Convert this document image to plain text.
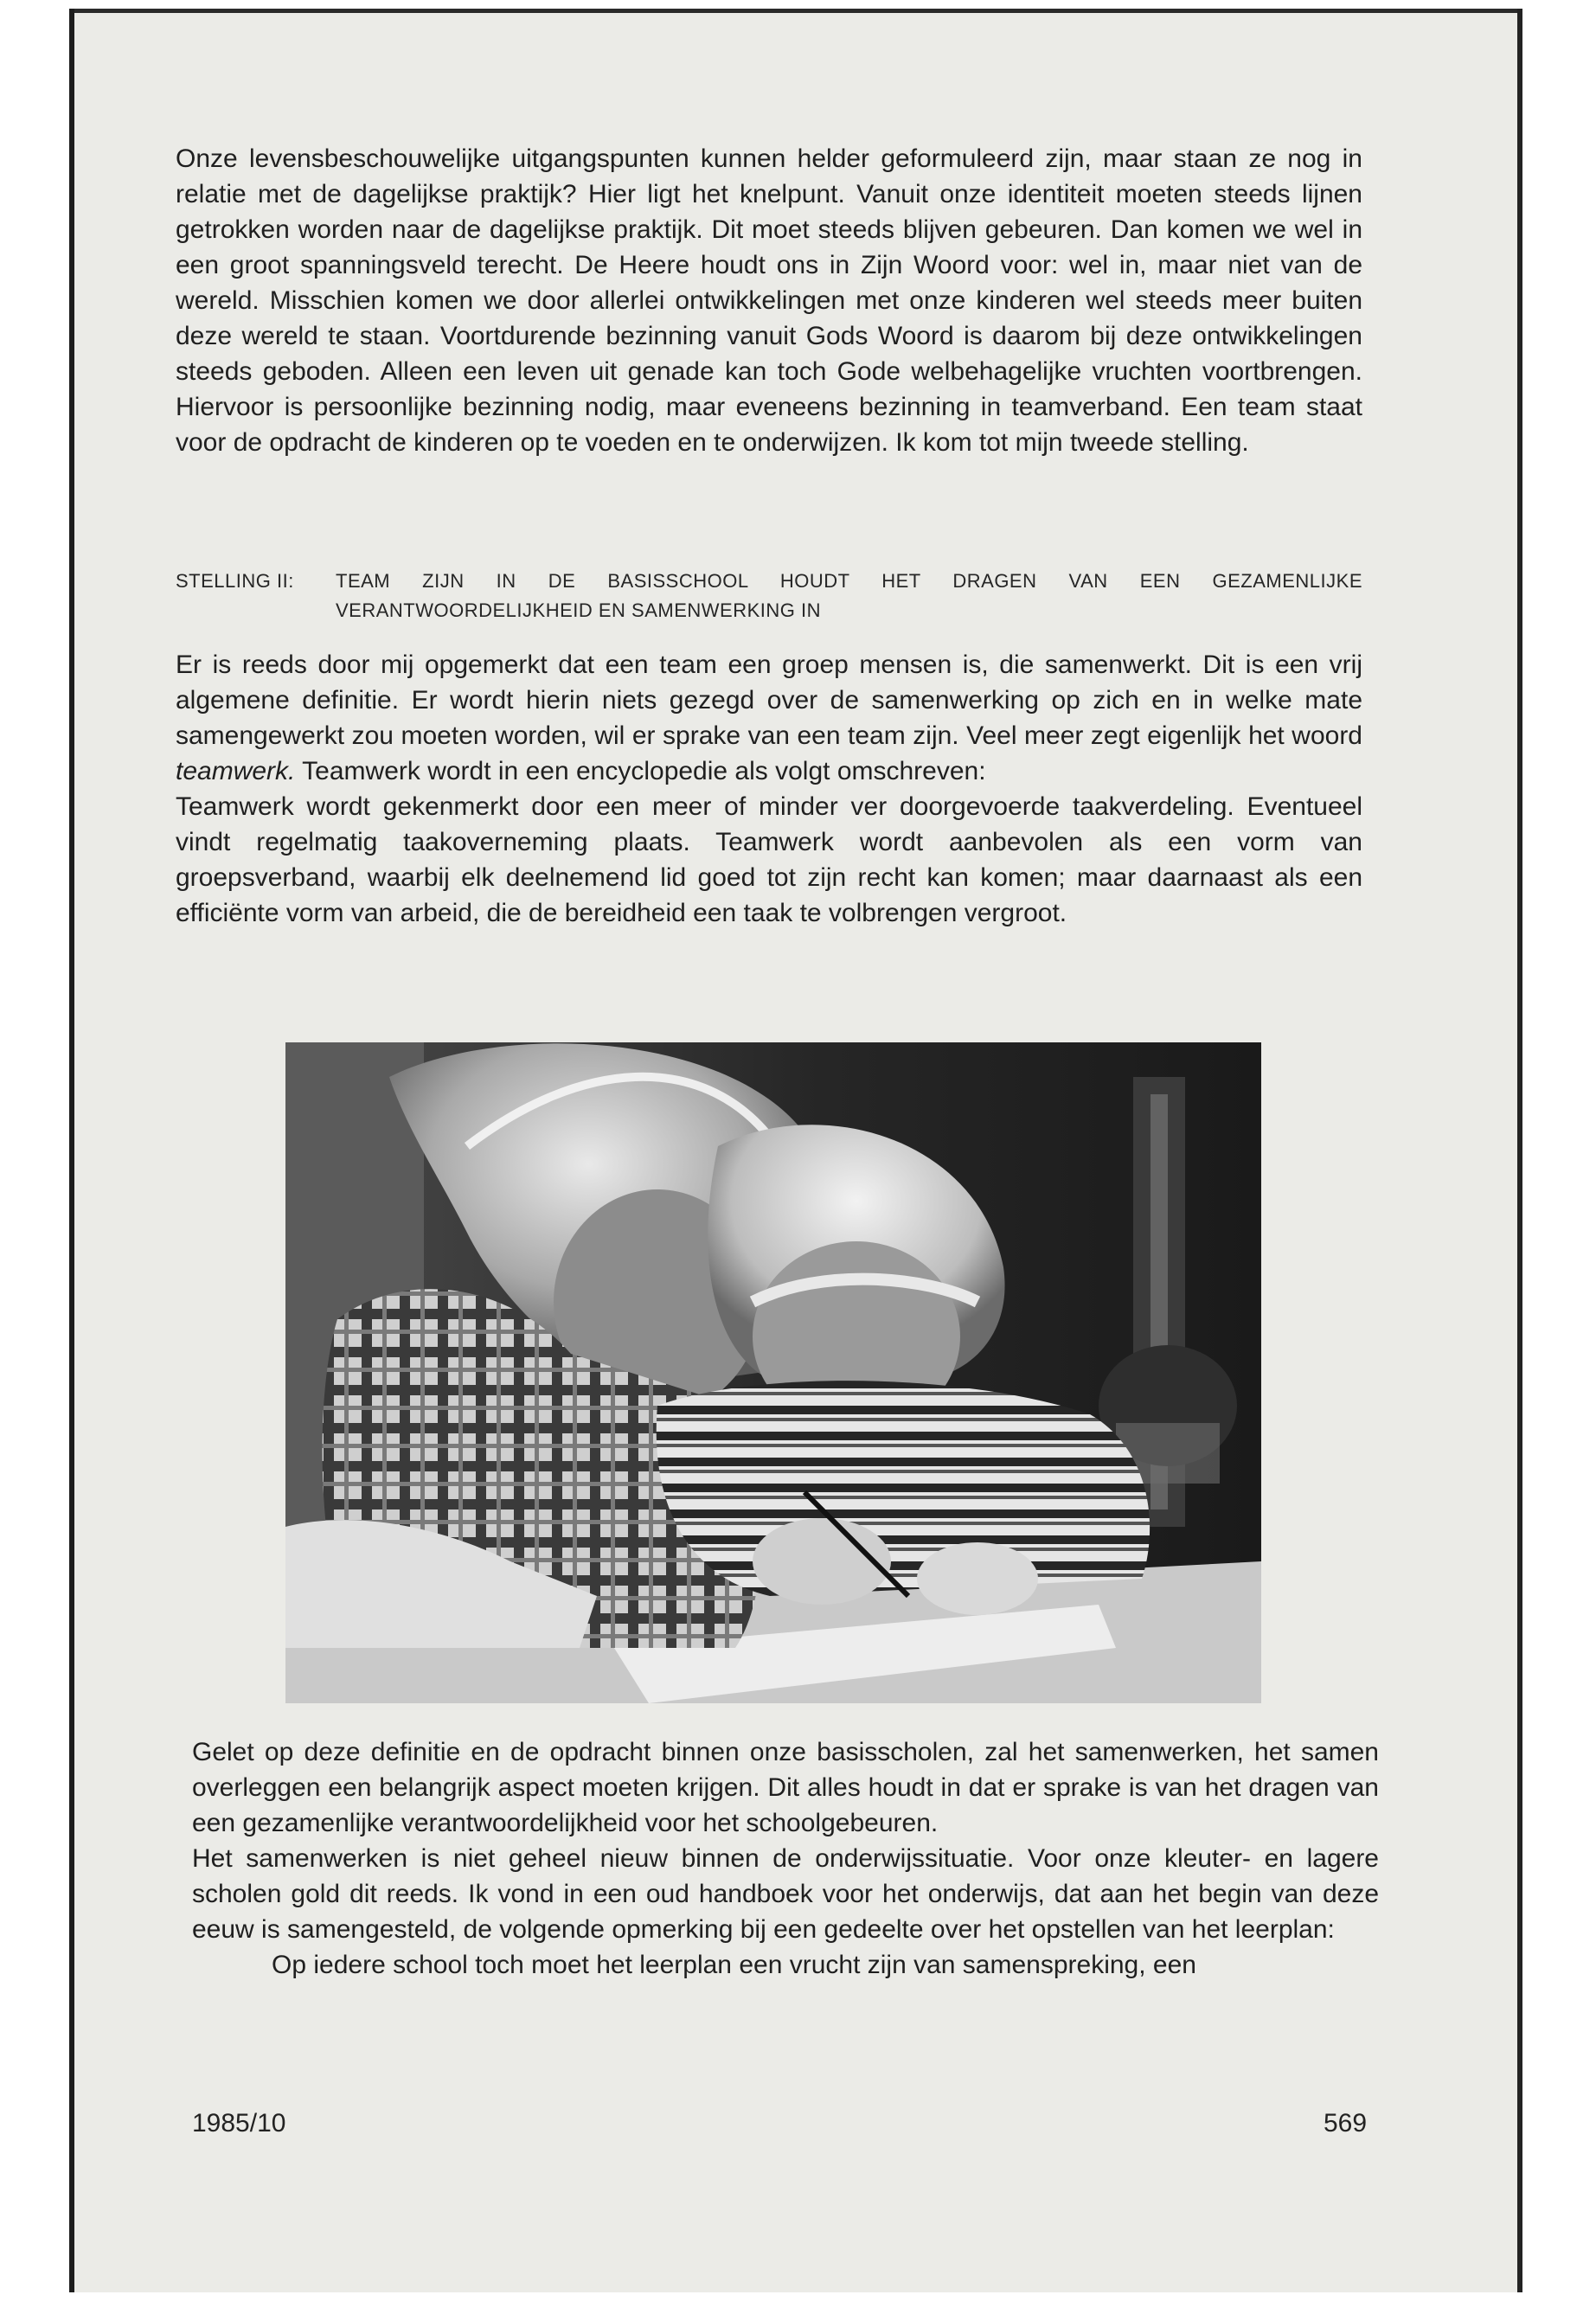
Onze levensbeschouwelijke uitgangspunten kunnen helder geformuleerd zijn, maar staan ze nog in relatie met de dagelijkse praktijk? Hier ligt het knelpunt. Vanuit onze identiteit moeten steeds lijnen getrokken worden naar de dagelijkse praktijk. Dit moet steeds blijven gebeuren. Dan komen we wel in een groot spanningsveld terecht. De Heere houdt ons in Zijn Woord voor: wel in, maar niet van de wereld. Misschien komen we door allerlei ontwikkelingen met onze kinderen wel steeds meer buiten deze wereld te staan. Voortdurende bezinning vanuit Gods Woord is daarom bij deze ontwikkelingen steeds geboden. Alleen een leven uit genade kan toch Gode welbehagelijke vruchten voortbrengen. Hiervoor is persoonlijke bezinning nodig, maar eveneens bezinning in teamverband. Een team staat voor de opdracht de kinderen op te voeden en te onderwijzen. Ik kom tot mijn tweede stelling.

STELLING II:	TEAM ZIJN IN DE BASISSCHOOL HOUDT HET DRAGEN VAN EEN GEZAMENLIJKE
VERANTWOORDELIJKHEID EN SAMENWERKING IN

Er is reeds door mij opgemerkt dat een team een groep mensen is, die samenwerkt. Dit is een vrij algemene definitie. Er wordt hierin niets gezegd over de samenwerking op zich en in welke mate samengewerkt zou moeten worden, wil er sprake van een team zijn. Veel meer zegt eigenlijk het woord teamwerk. Teamwerk wordt in een encyclopedie als volgt omschreven:

Teamwerk wordt gekenmerkt door een meer of minder ver doorgevoerde taakverdeling. Eventueel vindt regelmatig taakoverneming plaats. Teamwerk wordt aanbevolen als een vorm van groepsverband, waarbij elk deelnemend lid goed tot zijn recht kan komen; maar daarnaast als een efficiënte vorm van arbeid, die de bereidheid een taak te volbrengen vergroot.

Gelet op deze definitie en de opdracht binnen onze basisscholen, zal het samenwerken, het samen overleggen een belangrijk aspect moeten krijgen. Dit alles houdt in dat er sprake is van het dragen van een gezamenlijke verantwoordelijkheid voor het schoolgebeuren.

Het samenwerken is niet geheel nieuw binnen de onderwijssituatie. Voor onze kleuter- en lagere scholen gold dit reeds. Ik vond in een oud handboek voor het onderwijs, dat aan het begin van deze eeuw is samengesteld, de volgende opmerking bij een gedeelte over het opstellen van het leerplan:

Op iedere school toch moet het leerplan een vrucht zijn van samenspreking, een

1985/10	569
